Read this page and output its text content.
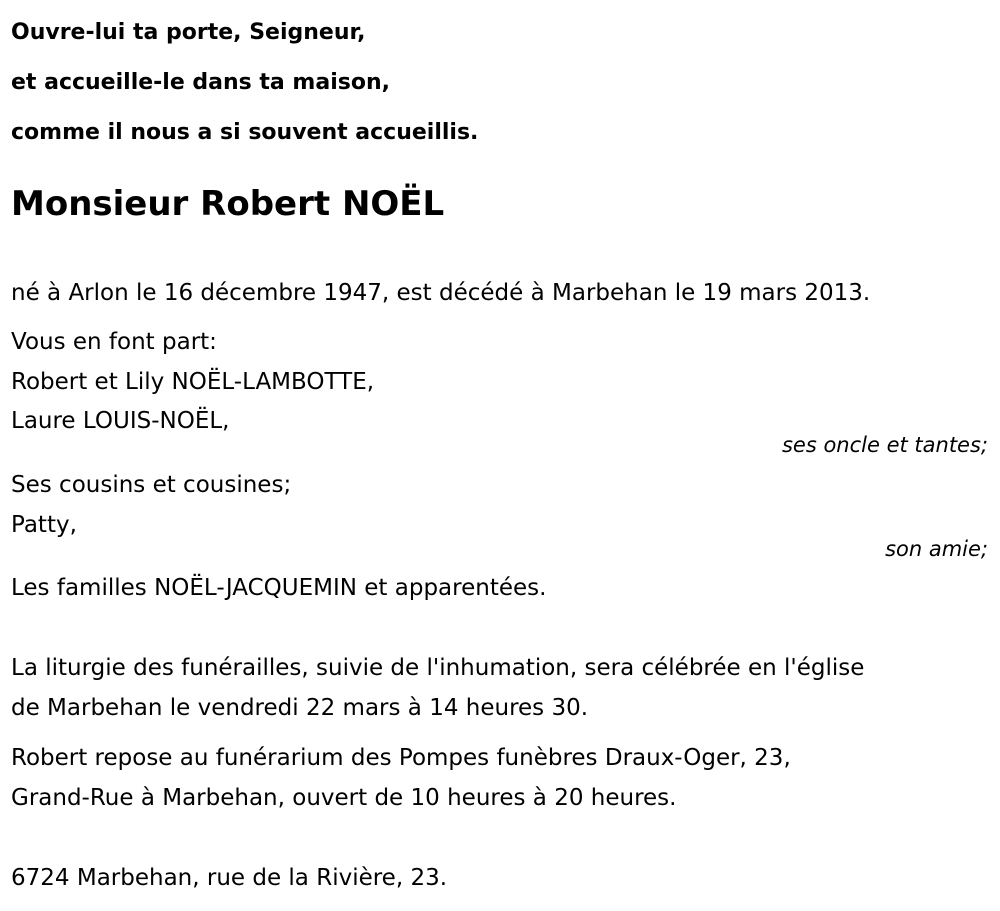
Ouvre-lui ta porte, Seigneur,
et accueille-le dans ta maison,
comme il nous a si souvent accueillis.
Monsieur Robert NOËL
né à Arlon le 16 décembre 1947, est décédé à Marbehan le 19 mars 2013.
Vous en font part:
Robert et Lily NOËL-LAMBOTTE,
Laure LOUIS-NOËL,
ses oncle et tantes;
Ses cousins et cousines;
Patty,
son amie;
Les familles NOËL-JACQUEMIN et apparentées.
La liturgie des funérailles, suivie de l'inhumation, sera célébrée en l'église
de Marbehan le vendredi 22 mars à 14 heures 30.
Robert repose au funérarium des Pompes funèbres Draux-Oger, 23,
Grand-Rue à Marbehan, ouvert de 10 heures à 20 heures.
6724 Marbehan, rue de la Rivière, 23.
